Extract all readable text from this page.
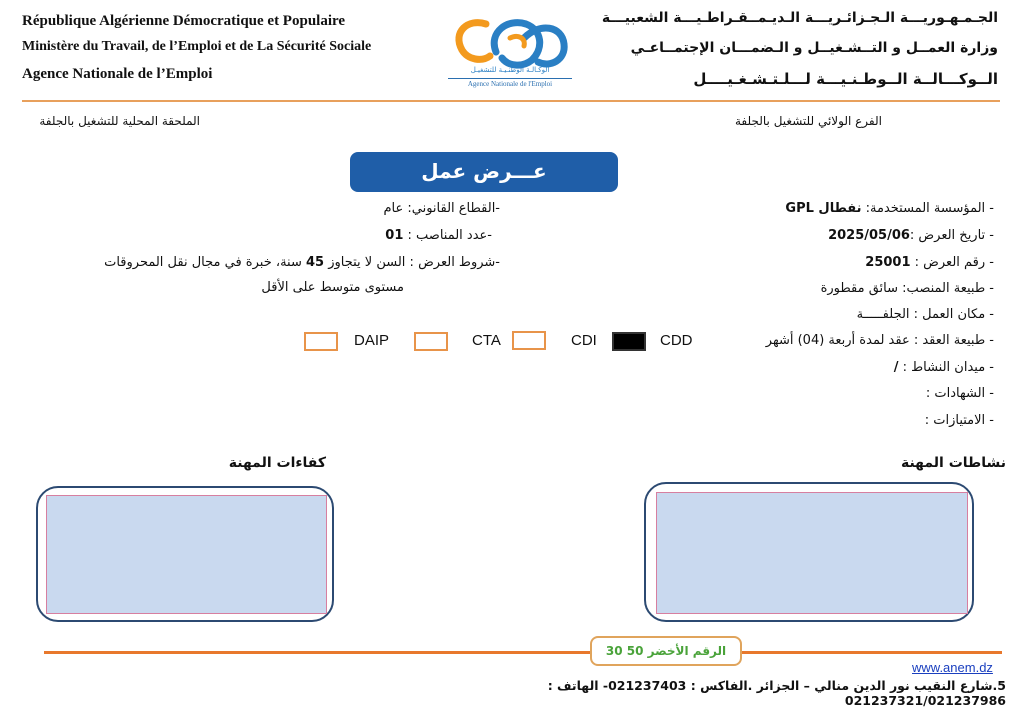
République Algérienne Démocratique et Populaire
Ministère du Travail, de l’Emploi et de La Sécurité Sociale
Agence Nationale de l’Emploi	الوكـالـة الوطنـيـة للتشغيـل
Agence Nationale de l'Emploi
الجـمـهـوريـــة الـجـزائـريـــة الـديـمــقـراطـيـــة الشعبيـــة
وزارة العمــل و التــشـغيــل و الـضمـــان الإجتمــاعـي
الــوكـــالــة الــوطـنـيـــة لـــلـتـشـغـيــــل
الفرع الولائي للتشغيل بالجلفة
الملحقة المحلية للتشغيل بالجلفة
عـــرض عمل
- المؤسسة المستخدمة: نفطال GPL
- تاريخ العرض :2025/05/06
- رقم العرض : 25001
- طبيعة المنصب: سائق مقطورة
- مكان العمل : الجلفـــــة
- طبيعة العقد : عقد لمدة أربعة (04) أشهر
- ميدان النشاط : /
- الشهادات :
- الامتيازات :
-القطاع القانوني: عام
-عدد المناصب : 01
-شروط العرض : السن لا يتجاوز 45 سنة، خبرة في مجال نقل المحروقات
مستوى متوسط على الأقل
CDD
CDI
CTA
DAIP
نشاطات المهنة
كفاءات المهنة
الرقم الأخضر 50 30
www.anem.dz
5.شارع النقيب نور الدين منالي – الجزائر .الفاكس : 021237403- الهاتف : 021237321/021237986
